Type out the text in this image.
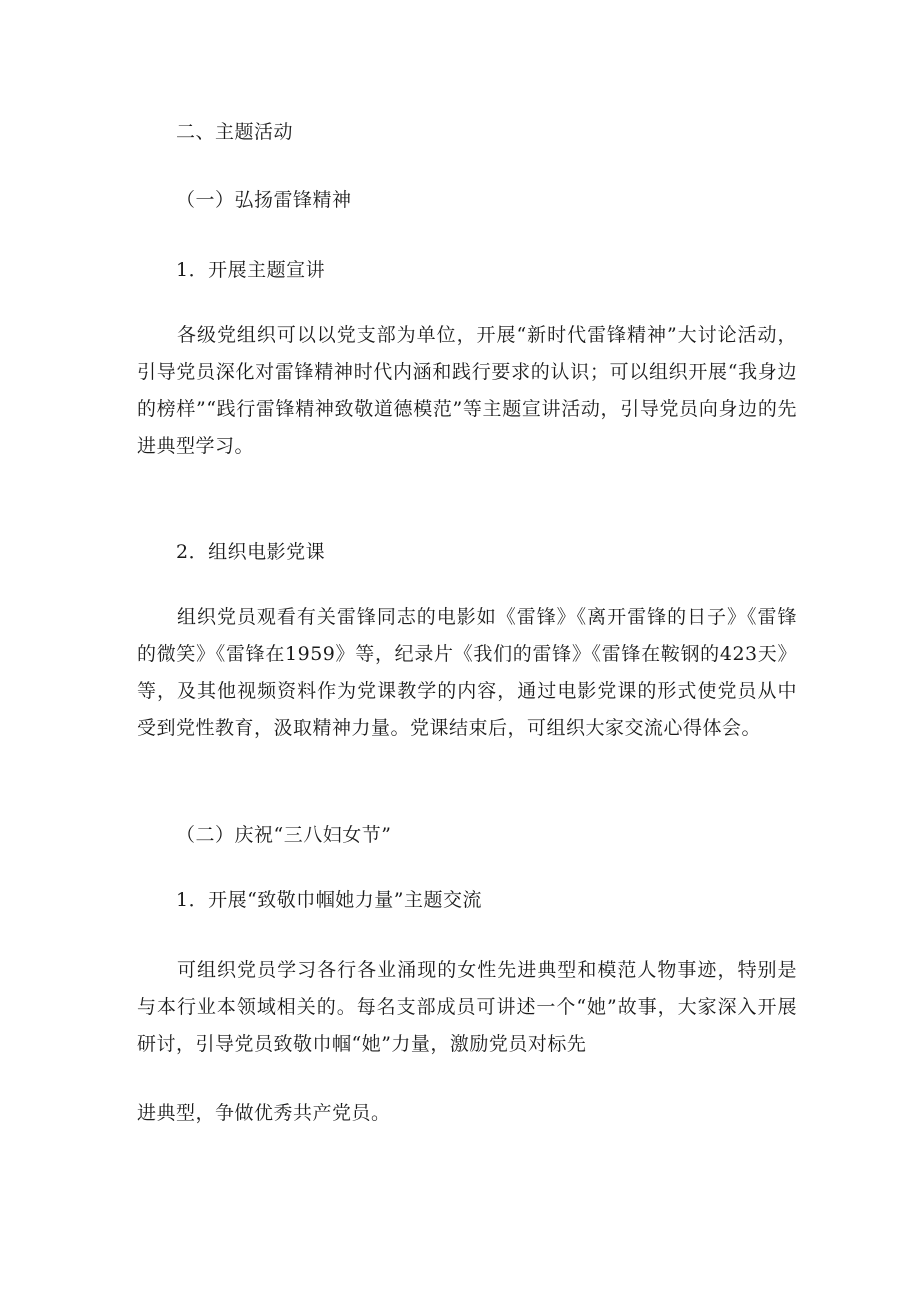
二、主题活动
（一）弘扬雷锋精神
1．开展主题宣讲
各级党组织可以以党支部为单位，开展“新时代雷锋精神”大讨论活动，引导党员深化对雷锋精神时代内涵和践行要求的认识；可以组织开展“我身边的榜样”“践行雷锋精神致敬道德模范”等主题宣讲活动，引导党员向身边的先进典型学习。
2．组织电影党课
组织党员观看有关雷锋同志的电影如《雷锋》《离开雷锋的日子》《雷锋的微笑》《雷锋在1959》等，纪录片《我们的雷锋》《雷锋在鞍钢的423天》等，及其他视频资料作为党课教学的内容，通过电影党课的形式使党员从中受到党性教育，汲取精神力量。党课结束后，可组织大家交流心得体会。
（二）庆祝“三八妇女节”
1．开展“致敬巾帼她力量”主题交流
可组织党员学习各行各业涌现的女性先进典型和模范人物事迹，特别是与本行业本领域相关的。每名支部成员可讲述一个“她”故事，大家深入开展研讨，引导党员致敬巾帼“她”力量，激励党员对标先
进典型，争做优秀共产党员。
